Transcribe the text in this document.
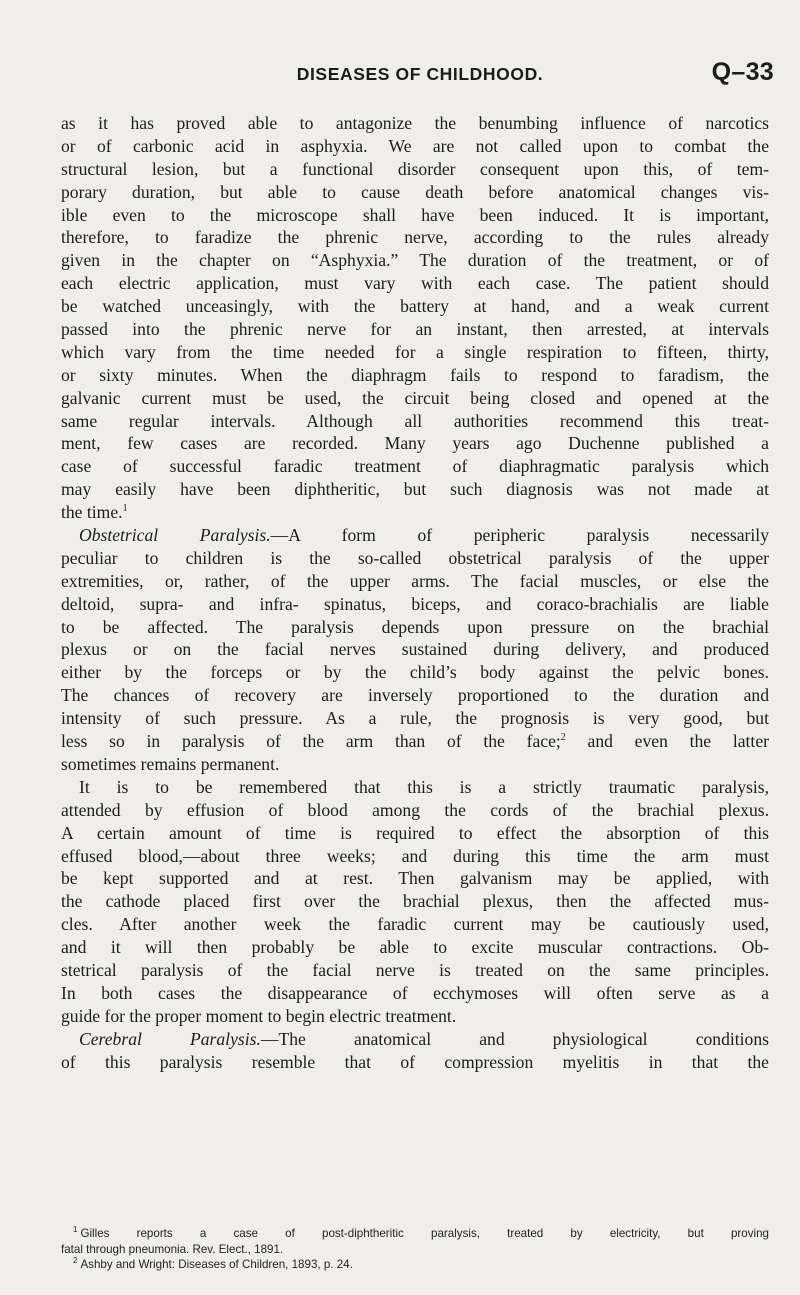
DISEASES OF CHILDHOOD.	Q–33
as it has proved able to antagonize the benumbing influence of narcotics
or of carbonic acid in asphyxia. We are not called upon to combat the
structural lesion, but a functional disorder consequent upon this, of tem-
porary duration, but able to cause death before anatomical changes vis-
ible even to the microscope shall have been induced. It is important,
therefore, to faradize the phrenic nerve, according to the rules already
given in the chapter on “Asphyxia.” The duration of the treatment, or of
each electric application, must vary with each case. The patient should
be watched unceasingly, with the battery at hand, and a weak current
passed into the phrenic nerve for an instant, then arrested, at intervals
which vary from the time needed for a single respiration to fifteen, thirty,
or sixty minutes. When the diaphragm fails to respond to faradism, the
galvanic current must be used, the circuit being closed and opened at the
same regular intervals. Although all authorities recommend this treat-
ment, few cases are recorded. Many years ago Duchenne published a
case of successful faradic treatment of diaphragmatic paralysis which
may easily have been diphtheritic, but such diagnosis was not made at
the time.$^1$
Obstetrical Paralysis.—A form of peripheric paralysis necessarily
peculiar to children is the so-called obstetrical paralysis of the upper
extremities, or, rather, of the upper arms. The facial muscles, or else the
deltoid, supra- and infra- spinatus, biceps, and coraco-brachialis are liable
to be affected. The paralysis depends upon pressure on the brachial
plexus or on the facial nerves sustained during delivery, and produced
either by the forceps or by the child’s body against the pelvic bones.
The chances of recovery are inversely proportioned to the duration and
intensity of such pressure. As a rule, the prognosis is very good, but
less so in paralysis of the arm than of the face;$^2$ and even the latter
sometimes remains permanent.
It is to be remembered that this is a strictly traumatic paralysis,
attended by effusion of blood among the cords of the brachial plexus.
A certain amount of time is required to effect the absorption of this
effused blood,—about three weeks; and during this time the arm must
be kept supported and at rest. Then galvanism may be applied, with
the cathode placed first over the brachial plexus, then the affected mus-
cles. After another week the faradic current may be cautiously used,
and it will then probably be able to excite muscular contractions. Ob-
stetrical paralysis of the facial nerve is treated on the same principles.
In both cases the disappearance of ecchymoses will often serve as a
guide for the proper moment to begin electric treatment.
Cerebral Paralysis.—The anatomical and physiological conditions
of this paralysis resemble that of compression myelitis in that the
$^1$ Gilles reports a case of post-diphtheritic paralysis, treated by electricity, but proving
fatal through pneumonia. Rev. Elect., 1891.
$^2$ Ashby and Wright: Diseases of Children, 1893, p. 24.
